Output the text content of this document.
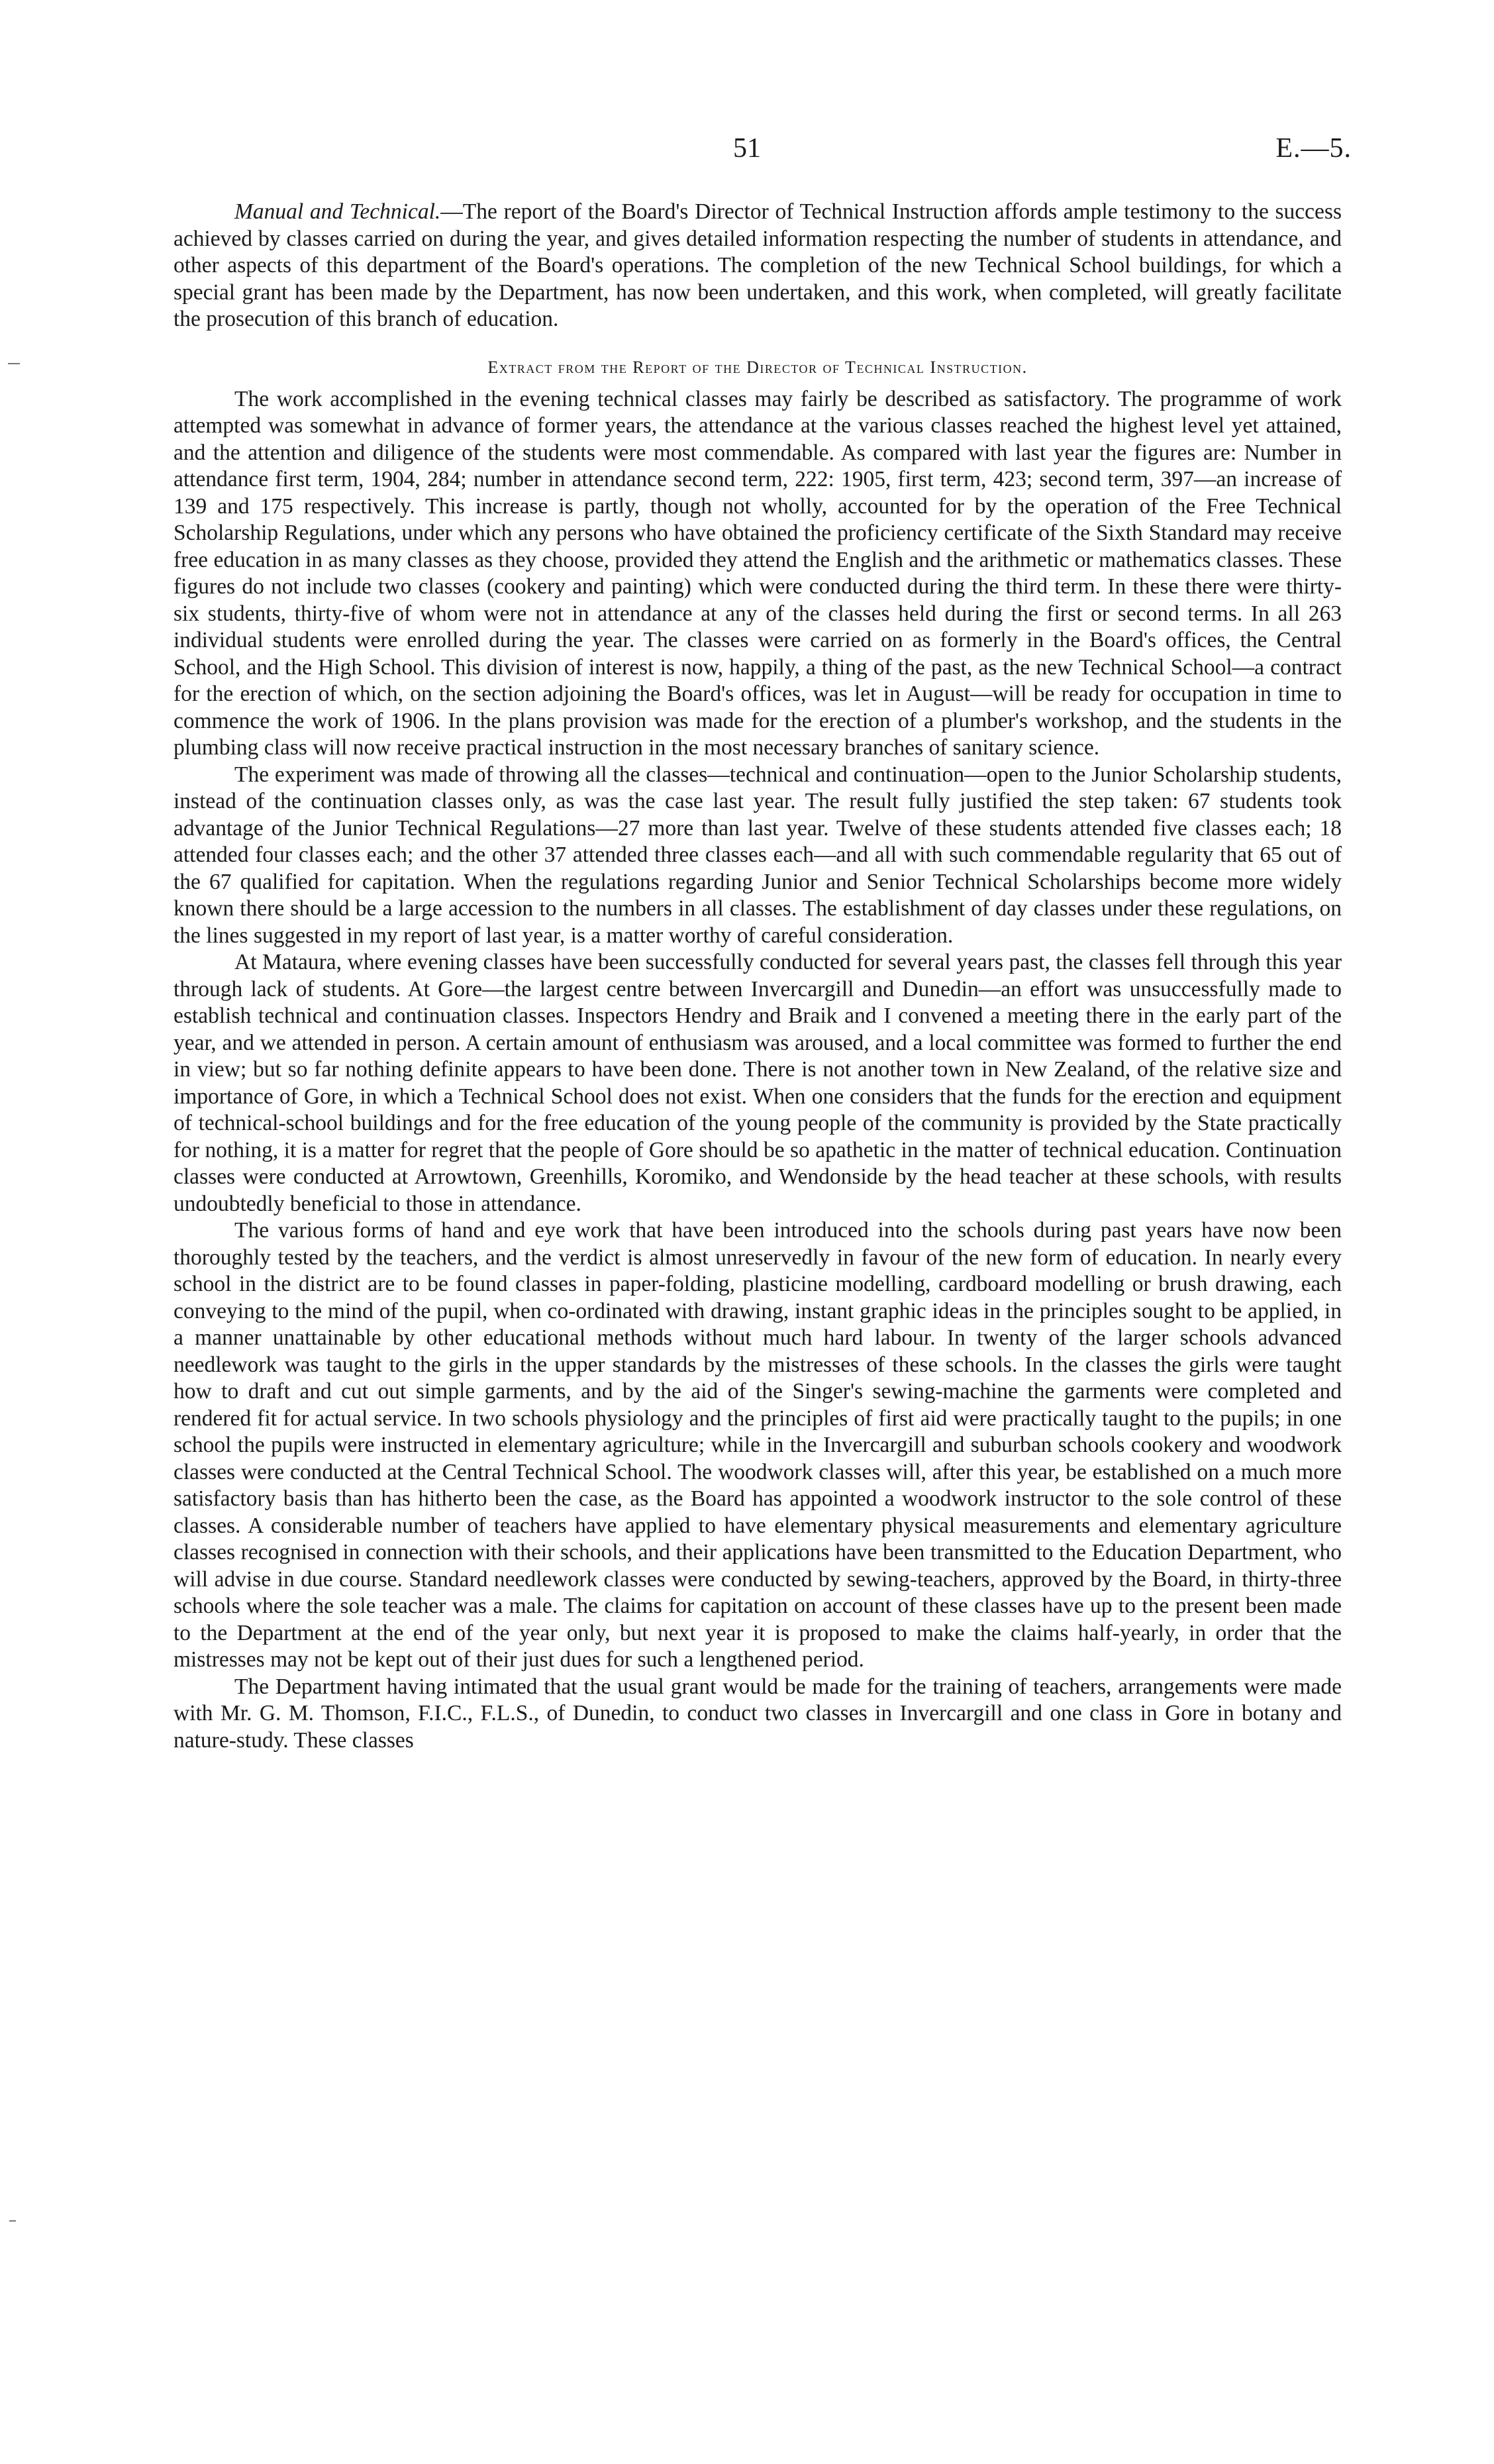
51	E.—5.

Manual and Technical.—The report of the Board's Director of Technical Instruction affords ample testimony to the success achieved by classes carried on during the year, and gives detailed information respecting the number of students in attendance, and other aspects of this department of the Board's operations. The completion of the new Technical School buildings, for which a special grant has been made by the Department, has now been undertaken, and this work, when completed, will greatly facilitate the prosecution of this branch of education.

Extract from the Report of the Director of Technical Instruction.

The work accomplished in the evening technical classes may fairly be described as satisfactory. The programme of work attempted was somewhat in advance of former years, the attendance at the various classes reached the highest level yet attained, and the attention and diligence of the students were most commendable. As compared with last year the figures are: Number in attendance first term, 1904, 284; number in attendance second term, 222: 1905, first term, 423; second term, 397—an increase of 139 and 175 respectively. This increase is partly, though not wholly, accounted for by the operation of the Free Technical Scholarship Regulations, under which any persons who have obtained the proficiency certificate of the Sixth Standard may receive free education in as many classes as they choose, provided they attend the English and the arithmetic or mathematics classes. These figures do not include two classes (cookery and painting) which were conducted during the third term. In these there were thirty-six students, thirty-five of whom were not in attendance at any of the classes held during the first or second terms. In all 263 individual students were enrolled during the year. The classes were carried on as formerly in the Board's offices, the Central School, and the High School. This division of interest is now, happily, a thing of the past, as the new Technical School—a contract for the erection of which, on the section adjoining the Board's offices, was let in August—will be ready for occupation in time to commence the work of 1906. In the plans provision was made for the erection of a plumber's workshop, and the students in the plumbing class will now receive practical instruction in the most necessary branches of sanitary science.

The experiment was made of throwing all the classes—technical and continuation—open to the Junior Scholarship students, instead of the continuation classes only, as was the case last year. The result fully justified the step taken: 67 students took advantage of the Junior Technical Regulations—27 more than last year. Twelve of these students attended five classes each; 18 attended four classes each; and the other 37 attended three classes each—and all with such commendable regularity that 65 out of the 67 qualified for capitation. When the regulations regarding Junior and Senior Technical Scholarships become more widely known there should be a large accession to the numbers in all classes. The establishment of day classes under these regulations, on the lines suggested in my report of last year, is a matter worthy of careful consideration.

At Mataura, where evening classes have been successfully conducted for several years past, the classes fell through this year through lack of students. At Gore—the largest centre between Invercargill and Dunedin—an effort was unsuccessfully made to establish technical and continuation classes. Inspectors Hendry and Braik and I convened a meeting there in the early part of the year, and we attended in person. A certain amount of enthusiasm was aroused, and a local committee was formed to further the end in view; but so far nothing definite appears to have been done. There is not another town in New Zealand, of the relative size and importance of Gore, in which a Technical School does not exist. When one considers that the funds for the erection and equipment of technical-school buildings and for the free education of the young people of the community is provided by the State practically for nothing, it is a matter for regret that the people of Gore should be so apathetic in the matter of technical education. Continuation classes were conducted at Arrowtown, Greenhills, Koromiko, and Wendonside by the head teacher at these schools, with results undoubtedly beneficial to those in attendance.

The various forms of hand and eye work that have been introduced into the schools during past years have now been thoroughly tested by the teachers, and the verdict is almost unreservedly in favour of the new form of education. In nearly every school in the district are to be found classes in paper-folding, plasticine modelling, cardboard modelling or brush drawing, each conveying to the mind of the pupil, when co-ordinated with drawing, instant graphic ideas in the principles sought to be applied, in a manner unattainable by other educational methods without much hard labour. In twenty of the larger schools advanced needlework was taught to the girls in the upper standards by the mistresses of these schools. In the classes the girls were taught how to draft and cut out simple garments, and by the aid of the Singer's sewing-machine the garments were completed and rendered fit for actual service. In two schools physiology and the principles of first aid were practically taught to the pupils; in one school the pupils were instructed in elementary agriculture; while in the Invercargill and suburban schools cookery and woodwork classes were conducted at the Central Technical School. The woodwork classes will, after this year, be established on a much more satisfactory basis than has hitherto been the case, as the Board has appointed a woodwork instructor to the sole control of these classes. A considerable number of teachers have applied to have elementary physical measurements and elementary agriculture classes recognised in connection with their schools, and their applications have been transmitted to the Education Department, who will advise in due course. Standard needlework classes were conducted by sewing-teachers, approved by the Board, in thirty-three schools where the sole teacher was a male. The claims for capitation on account of these classes have up to the present been made to the Department at the end of the year only, but next year it is proposed to make the claims half-yearly, in order that the mistresses may not be kept out of their just dues for such a lengthened period.

The Department having intimated that the usual grant would be made for the training of teachers, arrangements were made with Mr. G. M. Thomson, F.I.C., F.L.S., of Dunedin, to conduct two classes in Invercargill and one class in Gore in botany and nature-study. These classes
